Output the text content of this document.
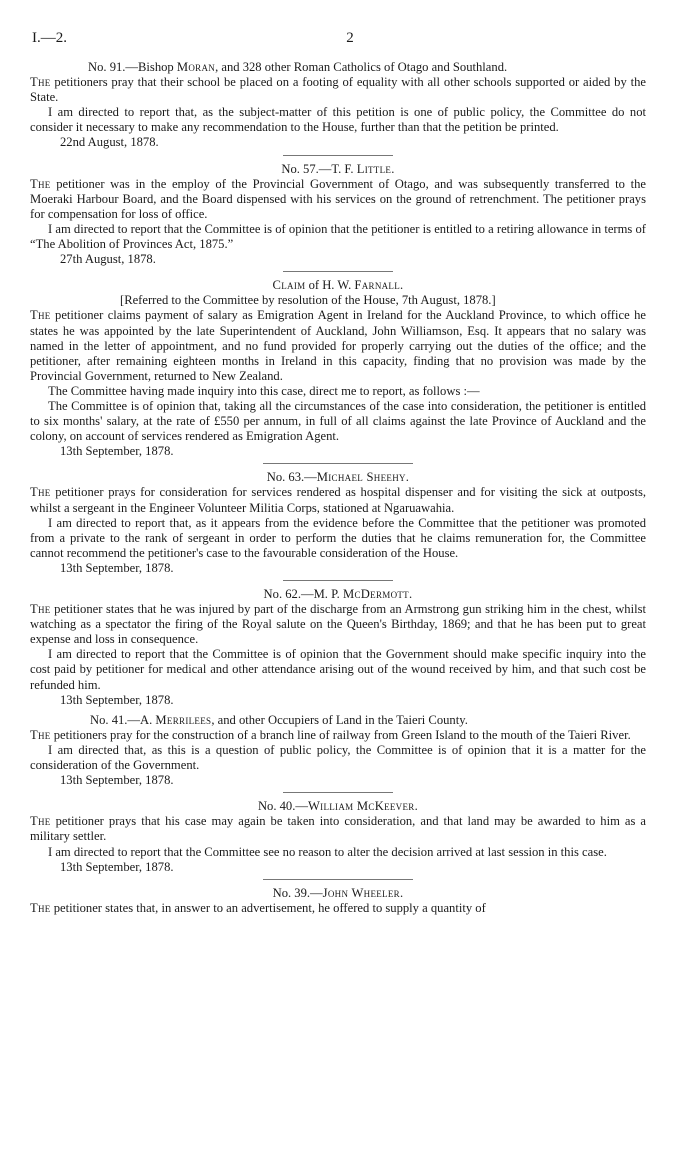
I.—2.	2

No. 91.—Bishop Moran, and 328 other Roman Catholics of Otago and Southland.

The petitioners pray that their school be placed on a footing of equality with all other schools supported or aided by the State.

I am directed to report that, as the subject-matter of this petition is one of public policy, the Committee do not consider it necessary to make any recommendation to the House, further than that the petition be printed.

22nd August, 1878.

No. 57.—T. F. Little.

The petitioner was in the employ of the Provincial Government of Otago, and was subsequently transferred to the Moeraki Harbour Board, and the Board dispensed with his services on the ground of retrenchment. The petitioner prays for compensation for loss of office.

I am directed to report that the Committee is of opinion that the petitioner is entitled to a retiring allowance in terms of “The Abolition of Provinces Act, 1875.”

27th August, 1878.

Claim of H. W. Farnall.

[Referred to the Committee by resolution of the House, 7th August, 1878.]

The petitioner claims payment of salary as Emigration Agent in Ireland for the Auckland Province, to which office he states he was appointed by the late Superintendent of Auckland, John Williamson, Esq. It appears that no salary was named in the letter of appointment, and no fund provided for properly carrying out the duties of the office; and the petitioner, after remaining eighteen months in Ireland in this capacity, finding that no provision was made by the Provincial Government, returned to New Zealand.

The Committee having made inquiry into this case, direct me to report, as follows :—

The Committee is of opinion that, taking all the circumstances of the case into consideration, the petitioner is entitled to six months' salary, at the rate of £550 per annum, in full of all claims against the late Province of Auckland and the colony, on account of services rendered as Emigration Agent.

13th September, 1878.

No. 63.—Michael Sheehy.

The petitioner prays for consideration for services rendered as hospital dispenser and for visiting the sick at outposts, whilst a sergeant in the Engineer Volunteer Militia Corps, stationed at Ngaruawahia.

I am directed to report that, as it appears from the evidence before the Committee that the petitioner was promoted from a private to the rank of sergeant in order to perform the duties that he claims remuneration for, the Committee cannot recommend the petitioner's case to the favourable consideration of the House.

13th September, 1878.

No. 62.—M. P. McDermott.

The petitioner states that he was injured by part of the discharge from an Armstrong gun striking him in the chest, whilst watching as a spectator the firing of the Royal salute on the Queen's Birthday, 1869; and that he has been put to great expense and loss in consequence.

I am directed to report that the Committee is of opinion that the Government should make specific inquiry into the cost paid by petitioner for medical and other attendance arising out of the wound received by him, and that such cost be refunded him.

13th September, 1878.

No. 41.—A. Merrilees, and other Occupiers of Land in the Taieri County.

The petitioners pray for the construction of a branch line of railway from Green Island to the mouth of the Taieri River.

I am directed that, as this is a question of public policy, the Committee is of opinion that it is a matter for the consideration of the Government.

13th September, 1878.

No. 40.—William McKeever.

The petitioner prays that his case may again be taken into consideration, and that land may be awarded to him as a military settler.

I am directed to report that the Committee see no reason to alter the decision arrived at last session in this case.

13th September, 1878.

No. 39.—John Wheeler.

The petitioner states that, in answer to an advertisement, he offered to supply a quantity of
